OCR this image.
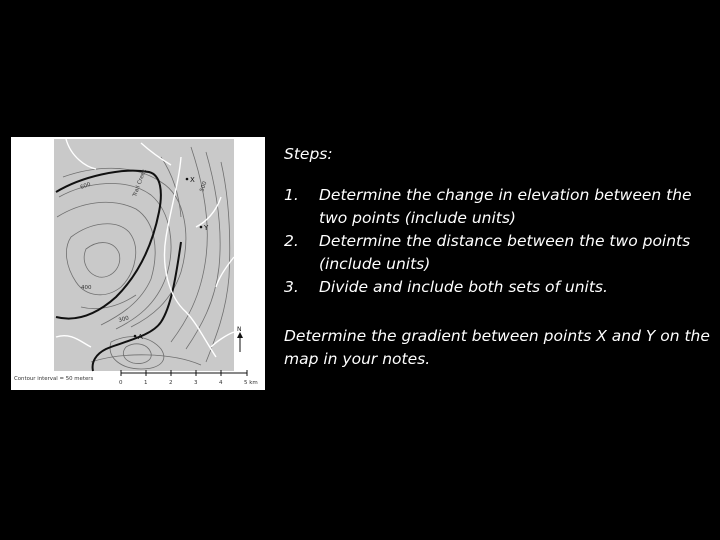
600	Trail Creek	500
400
300
X
Y
A
N
Contour interval = 50 meters
0	1	2	3	4	5 km
Steps:
1.	Determine the change in elevation between the two points (include units)
2.	Determine the distance between the two points (include units)
3.	Divide and include both sets of units.
Determine the gradient between points X and Y on the map in your notes.
